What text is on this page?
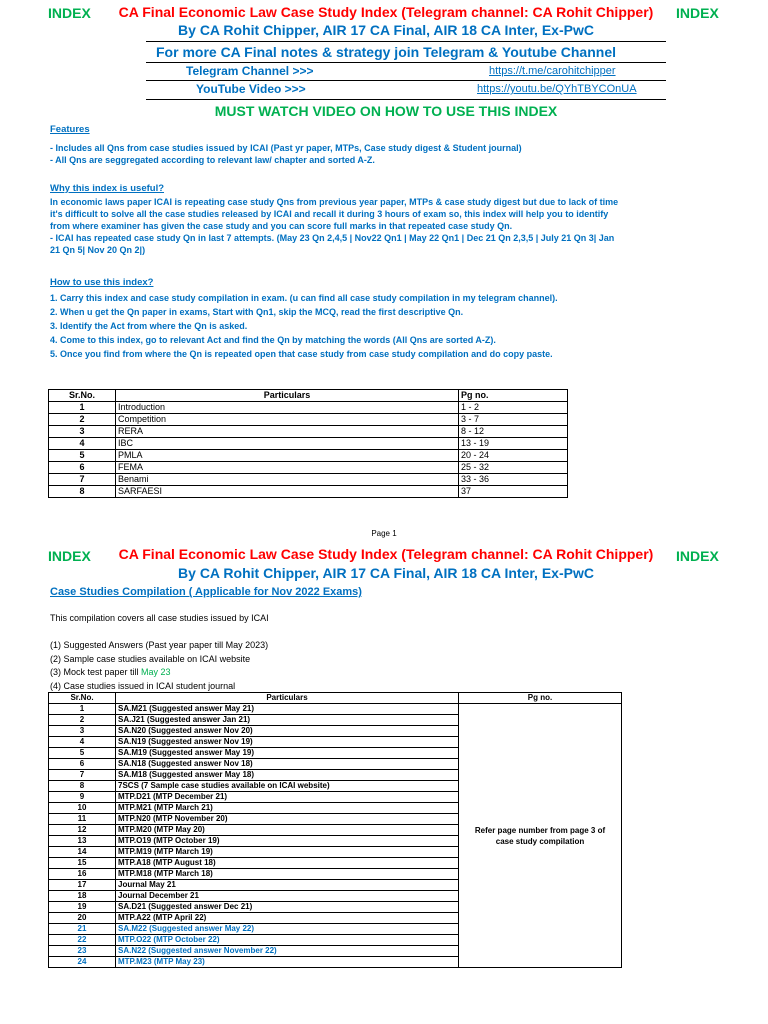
INDEX	INDEX
CA Final Economic Law Case Study Index (Telegram channel: CA Rohit Chipper)
By CA Rohit Chipper, AIR 17 CA Final, AIR 18 CA Inter, Ex-PwC
For more CA Final notes & strategy join Telegram & Youtube Channel
Telegram Channel >>>	https://t.me/carohitchipper
YouTube Video >>>	https://youtu.be/QYhTBYCOnUA
MUST WATCH VIDEO ON HOW TO USE THIS INDEX
Features
- Includes all Qns from case studies issued by ICAI (Past yr paper, MTPs, Case study digest & Student journal)
- All Qns are seggregated according to relevant law/ chapter and sorted A-Z.
Why this index is useful?
In economic laws paper ICAI is repeating case study Qns from previous year paper, MTPs & case study digest but due to lack of time
it's difficult to solve all the case studies released by ICAI and recall it during 3 hours of exam so, this index will help you to identify
from where examiner has given the case study and you can score full marks in that repeated case study Qn.
- ICAI has repeated case study Qn in last 7 attempts. (May 23 Qn 2,4,5 | Nov22 Qn1 | May 22 Qn1 | Dec 21 Qn 2,3,5 | July 21 Qn 3| Jan
21 Qn 5| Nov 20 Qn 2|)
How to use this index?
1. Carry this index and case study compilation in exam. (u can find all case study compilation in my telegram channel).
2. When u get the Qn paper in exams, Start with Qn1, skip the MCQ, read the first descriptive Qn.
3. Identify the Act from where the Qn is asked.
4. Come to this index, go to relevant Act and find the Qn by matching the words (All Qns are sorted A-Z).
5. Once you find from where the Qn is repeated open that case study from case study compilation and do copy paste.
Sr.No.	Particulars	Pg no.
1	Introduction	1 - 2
2	Competition	3 - 7
3	RERA	8 - 12
4	IBC	13 - 19
5	PMLA	20 - 24
6	FEMA	25 - 32
7	Benami	33 - 36
8	SARFAESI	37
Page 1
INDEX	INDEX
CA Final Economic Law Case Study Index (Telegram channel: CA Rohit Chipper)
By CA Rohit Chipper, AIR 17 CA Final, AIR 18 CA Inter, Ex-PwC
Case Studies Compilation ( Applicable for Nov 2022 Exams)
This compilation covers all case studies issued by ICAI
(1) Suggested Answers (Past year paper till May 2023)
(2) Sample case studies available on ICAI website
(3) Mock test paper till May 23
(4) Case studies issued in ICAI student journal
Sr.No.	Particulars	Pg no.
1	SA.M21 (Suggested answer May 21)	Refer page number from page 3 of case study compilation
2	SA.J21 (Suggested answer Jan 21)	
3	SA.N20 (Suggested answer Nov 20)	
4	SA.N19 (Suggested answer Nov 19)	
5	SA.M19 (Suggested answer May 19)	
6	SA.N18 (Suggested answer Nov 18)	
7	SA.M18 (Suggested answer May 18)	
8	7SCS (7 Sample case studies available on ICAI website)	
9	MTP.D21 (MTP December 21)	
10	MTP.M21 (MTP March 21)	
11	MTP.N20 (MTP November 20)	
12	MTP.M20 (MTP May 20)	
13	MTP.O19 (MTP October 19)	
14	MTP.M19 (MTP March 19)	
15	MTP.A18 (MTP August 18)	
16	MTP.M18 (MTP March 18)	
17	Journal May 21	
18	Journal December 21	
19	SA.D21 (Suggested answer Dec 21)	
20	MTP.A22 (MTP April 22)	
21	SA.M22 (Suggested answer May 22)	
22	MTP.O22 (MTP October 22)	
23	SA.N22 (Suggested answer November 22)	
24	MTP.M23 (MTP May 23)	
